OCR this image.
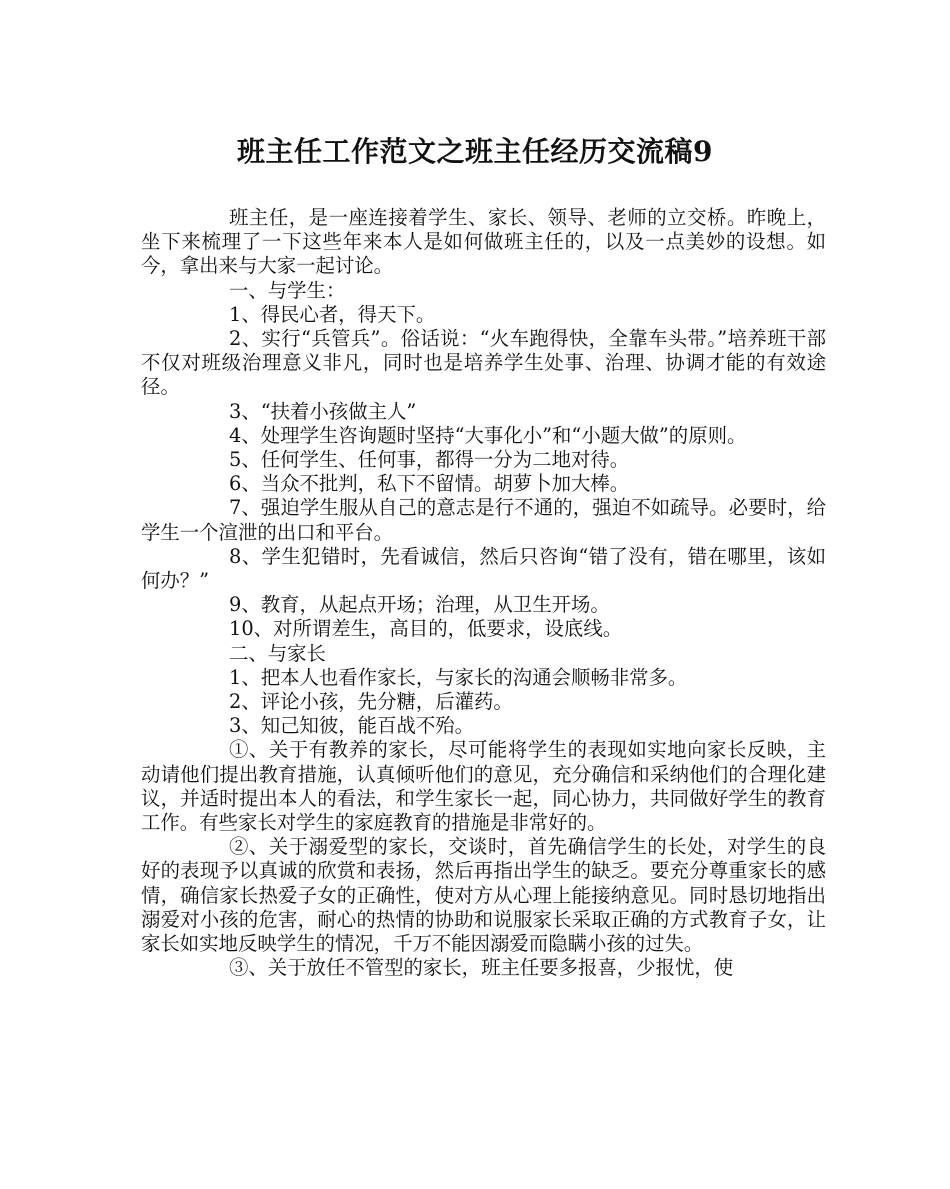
班主任工作范文之班主任经历交流稿9

班主任，是一座连接着学生、家长、领导、老师的立交桥。昨晚上，坐下来梳理了一下这些年来本人是如何做班主任的，以及一点美妙的设想。如今，拿出来与大家一起讨论。

一、与学生：

1、得民心者，得天下。

2、实行“兵管兵”。俗话说：“火车跑得快，全靠车头带。”培养班干部不仅对班级治理意义非凡，同时也是培养学生处事、治理、协调才能的有效途径。

3、“扶着小孩做主人”

4、处理学生咨询题时坚持“大事化小”和“小题大做”的原则。

5、任何学生、任何事，都得一分为二地对待。

6、当众不批判，私下不留情。胡萝卜加大棒。

7、强迫学生服从自己的意志是行不通的，强迫不如疏导。必要时，给学生一个渲泄的出口和平台。

8、学生犯错时，先看诚信，然后只咨询“错了没有，错在哪里，该如何办？”

9、教育，从起点开场；治理，从卫生开场。

10、对所谓差生，高目的，低要求，设底线。

二、与家长

1、把本人也看作家长，与家长的沟通会顺畅非常多。

2、评论小孩，先分糖，后灌药。

3、知己知彼，能百战不殆。

①、关于有教养的家长，尽可能将学生的表现如实地向家长反映，主动请他们提出教育措施，认真倾听他们的意见，充分确信和采纳他们的合理化建议，并适时提出本人的看法，和学生家长一起，同心协力，共同做好学生的教育工作。有些家长对学生的家庭教育的措施是非常好的。

②、关于溺爱型的家长，交谈时，首先确信学生的长处，对学生的良好的表现予以真诚的欣赏和表扬，然后再指出学生的缺乏。要充分尊重家长的感情，确信家长热爱子女的正确性，使对方从心理上能接纳意见。同时恳切地指出溺爱对小孩的危害，耐心的热情的协助和说服家长采取正确的方式教育子女，让家长如实地反映学生的情况，千万不能因溺爱而隐瞒小孩的过失。

③、关于放任不管型的家长，班主任要多报喜，少报忧，使
